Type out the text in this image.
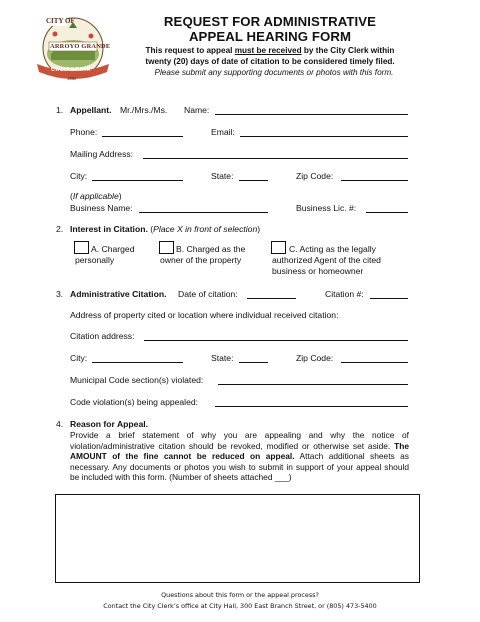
CITY OF
ARROYO GRANDE
CALIFORNIA
1862
REQUEST FOR ADMINISTRATIVE
APPEAL HEARING FORM
This request to appeal must be received by the City Clerk within
twenty (20) days of date of citation to be considered timely filed.
Please submit any supporting documents or photos with this form.
1. Appellant. Mr./Mrs./Ms. Name:
Phone:	Email:
Mailing Address:
City:	State:	Zip Code:
(If applicable)
Business Name:	Business Lic. #:
2. Interest in Citation. (Place X in front of selection)
A. Charged
personally
B. Charged as the
owner of the property
C. Acting as the legally
authorized Agent of the cited
business or homeowner
3. Administrative Citation. Date of citation:	Citation #:
Address of property cited or location where individual received citation:
Citation address:
City:	State:	Zip Code:
Municipal Code section(s) violated:
Code violation(s) being appealed:
4. Reason for Appeal.
Provide a brief statement of why you are appealing and why the notice of violation/administrative citation should be revoked, modified or otherwise set aside. The AMOUNT of the fine cannot be reduced on appeal. Attach additional sheets as necessary. Any documents or photos you wish to submit in support of your appeal should be included with this form. (Number of sheets attached ___)
Questions about this form or the appeal process?
Contact the City Clerk’s office at City Hall, 300 East Branch Street, or (805) 473-5400
